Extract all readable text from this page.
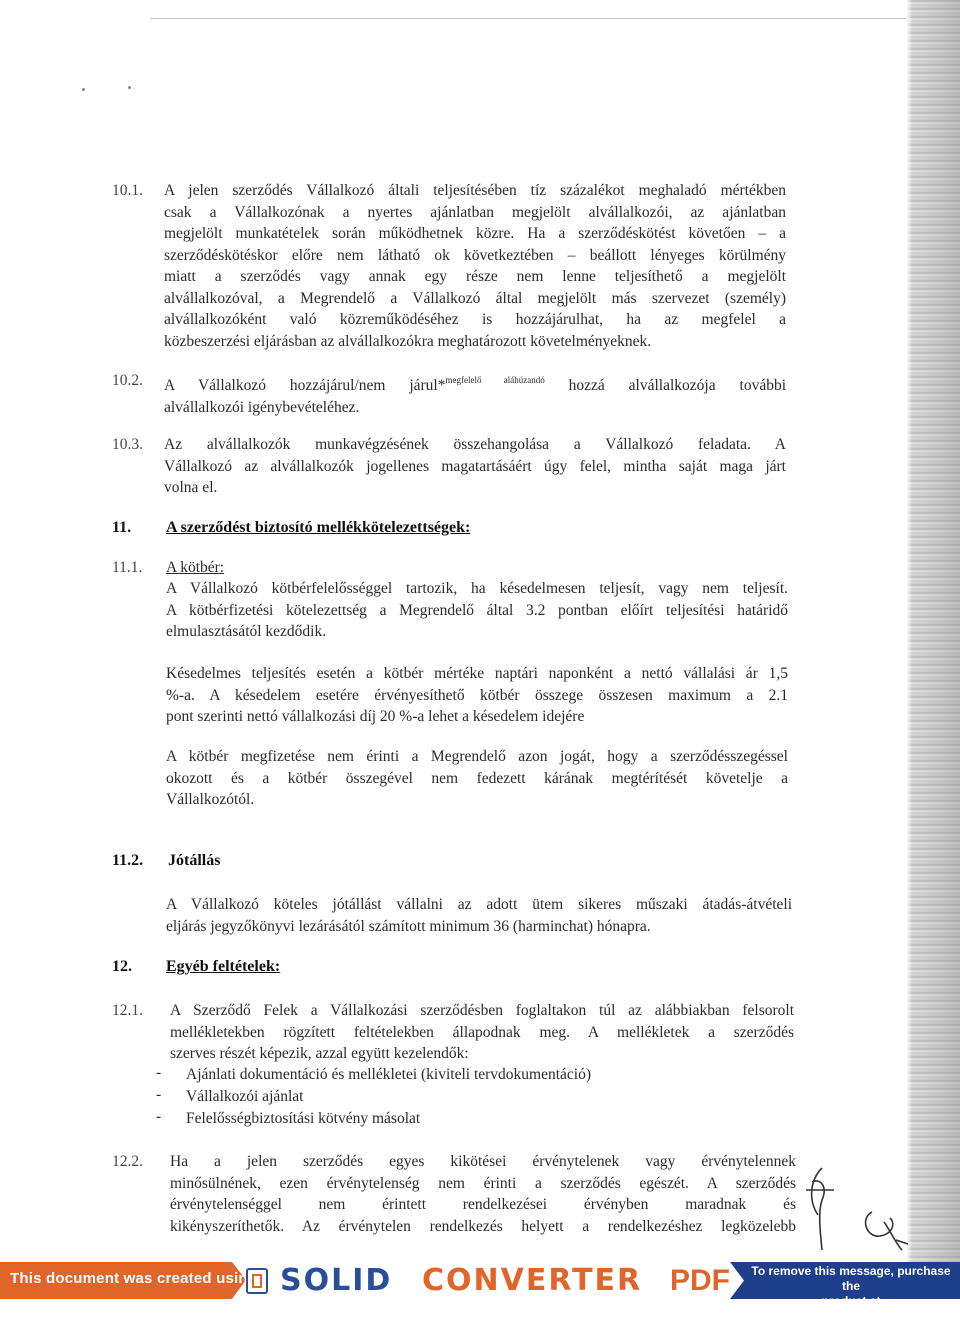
10.1. A jelen szerződés Vállalkozó általi teljesítésében tíz százalékot meghaladó mértékben
csak a Vállalkozónak a nyertes ajánlatban megjelölt alvállalkozói, az ajánlatban
megjelölt munkatételek során működhetnek közre. Ha a szerződéskötést követően – a
szerződéskötéskor előre nem látható ok következtében – beállott lényeges körülmény
miatt a szerződés vagy annak egy része nem lenne teljesíthető a megjelölt
alvállalkozóval, a Megrendelő a Vállalkozó által megjelölt más szervezet (személy)
alvállalkozóként való közreműködéséhez is hozzájárulhat, ha az megfelel a
közbeszerzési eljárásban az alvállalkozókra meghatározott követelményeknek.
10.2. A Vállalkozó hozzájárul/nem járul*$^{megfelelő aláhúzandó}$ hozzá alvállalkozója további
alvállalkozói igénybevételéhez.
10.3. Az alvállalkozók munkavégzésének összehangolása a Vállalkozó feladata. A
Vállalkozó az alvállalkozók jogellenes magatartásáért úgy felel, mintha saját maga járt
volna el.
11. A szerződést biztosító mellékkötelezettségek:
11.1. A kötbér:
A Vállalkozó kötbérfelelősséggel tartozik, ha késedelmesen teljesít, vagy nem teljesít.
A kötbérfizetési kötelezettség a Megrendelő által 3.2 pontban előírt teljesítési határidő
elmulasztásától kezdődik.
Késedelmes teljesítés esetén a kötbér mértéke naptári naponként a nettó vállalási ár 1,5
%-a. A késedelem esetére érvényesíthető kötbér összege összesen maximum a 2.1
pont szerinti nettó vállalkozási díj 20 %-a lehet a késedelem idejére
A kötbér megfizetése nem érinti a Megrendelő azon jogát, hogy a szerződésszegéssel
okozott és a kötbér összegével nem fedezett kárának megtérítését követelje a
Vállalkozótól.
11.2. Jótállás
A Vállalkozó köteles jótállást vállalni az adott ütem sikeres műszaki átadás-átvételi
eljárás jegyzőkönyvi lezárásától számított minimum 36 (harminchat) hónapra.
12. Egyéb feltételek:
12.1. A Szerződő Felek a Vállalkozási szerződésben foglaltakon túl az alábbiakban felsorolt
mellékletekben rögzített feltételekben állapodnak meg. A mellékletek a szerződés
szerves részét képezik, azzal együtt kezelendők:
- Ajánlati dokumentáció és mellékletei (kiviteli tervdokumentáció)
- Vállalkozói ajánlat
- Felelősségbiztosítási kötvény másolat
12.2. Ha a jelen szerződés egyes kikötései érvénytelenek vagy érvénytelennek
minősülnének, ezen érvénytelenség nem érinti a szerződés egészét. A szerződés
érvénytelenséggel nem érintett rendelkezései érvényben maradnak és
kikényszeríthetők. Az érvénytelen rendelkezés helyett a rendelkezéshez legközelebb
This document was created using SOLID CONVERTER PDF To remove this message, purchase the
product at www.SolidDocuments.com
